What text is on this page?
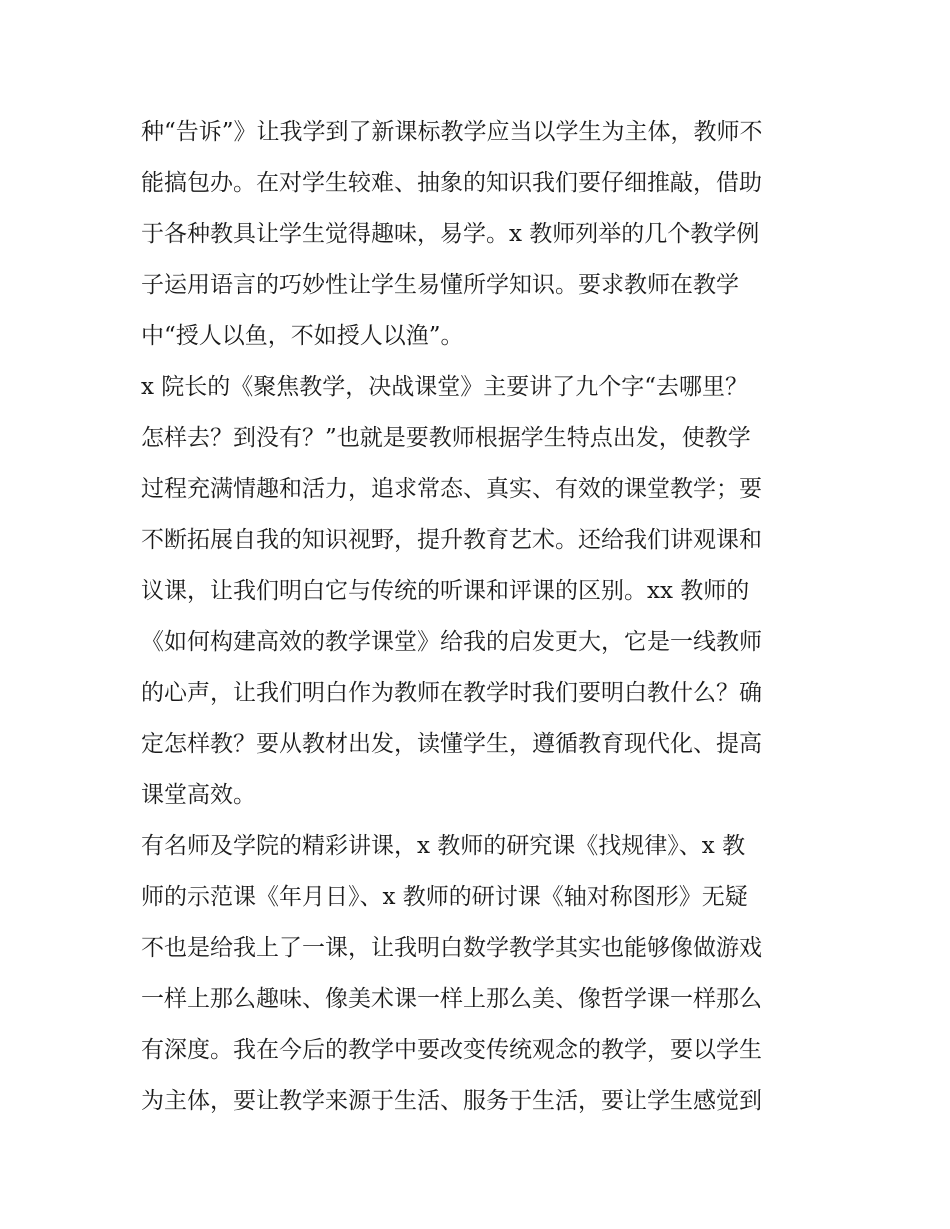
种“告诉”》让我学到了新课标教学应当以学生为主体，教师不
能搞包办。在对学生较难、抽象的知识我们要仔细推敲，借助
于各种教具让学生觉得趣味，易学。x 教师列举的几个教学例
子运用语言的巧妙性让学生易懂所学知识。要求教师在教学
中“授人以鱼，不如授人以渔”。
x 院长的《聚焦教学，决战课堂》主要讲了九个字“去哪里？
怎样去？到没有？”也就是要教师根据学生特点出发，使教学
过程充满情趣和活力，追求常态、真实、有效的课堂教学；要
不断拓展自我的知识视野，提升教育艺术。还给我们讲观课和
议课，让我们明白它与传统的听课和评课的区别。xx 教师的
《如何构建高效的教学课堂》给我的启发更大，它是一线教师
的心声，让我们明白作为教师在教学时我们要明白教什么？确
定怎样教？要从教材出发，读懂学生，遵循教育现代化、提高
课堂高效。
有名师及学院的精彩讲课，x 教师的研究课《找规律》、x 教
师的示范课《年月日》、x 教师的研讨课《轴对称图形》无疑
不也是给我上了一课，让我明白数学教学其实也能够像做游戏
一样上那么趣味、像美术课一样上那么美、像哲学课一样那么
有深度。我在今后的教学中要改变传统观念的教学，要以学生
为主体，要让教学来源于生活、服务于生活，要让学生感觉到
